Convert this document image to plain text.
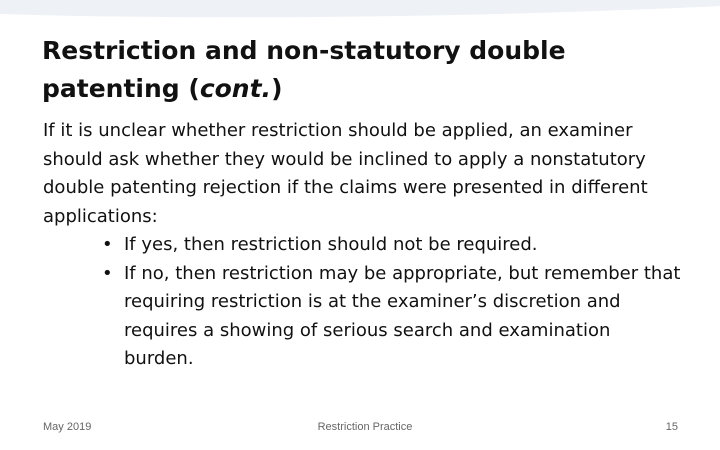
Restriction and non-statutory double patenting (cont.)

If it is unclear whether restriction should be applied, an examiner should ask whether they would be inclined to apply a nonstatutory double patenting rejection if the claims were presented in different applications:

• If yes, then restriction should not be required.
• If no, then restriction may be appropriate, but remember that requiring restriction is at the examiner’s discretion and requires a showing of serious search and examination burden.
May 2019	Restriction Practice	15
